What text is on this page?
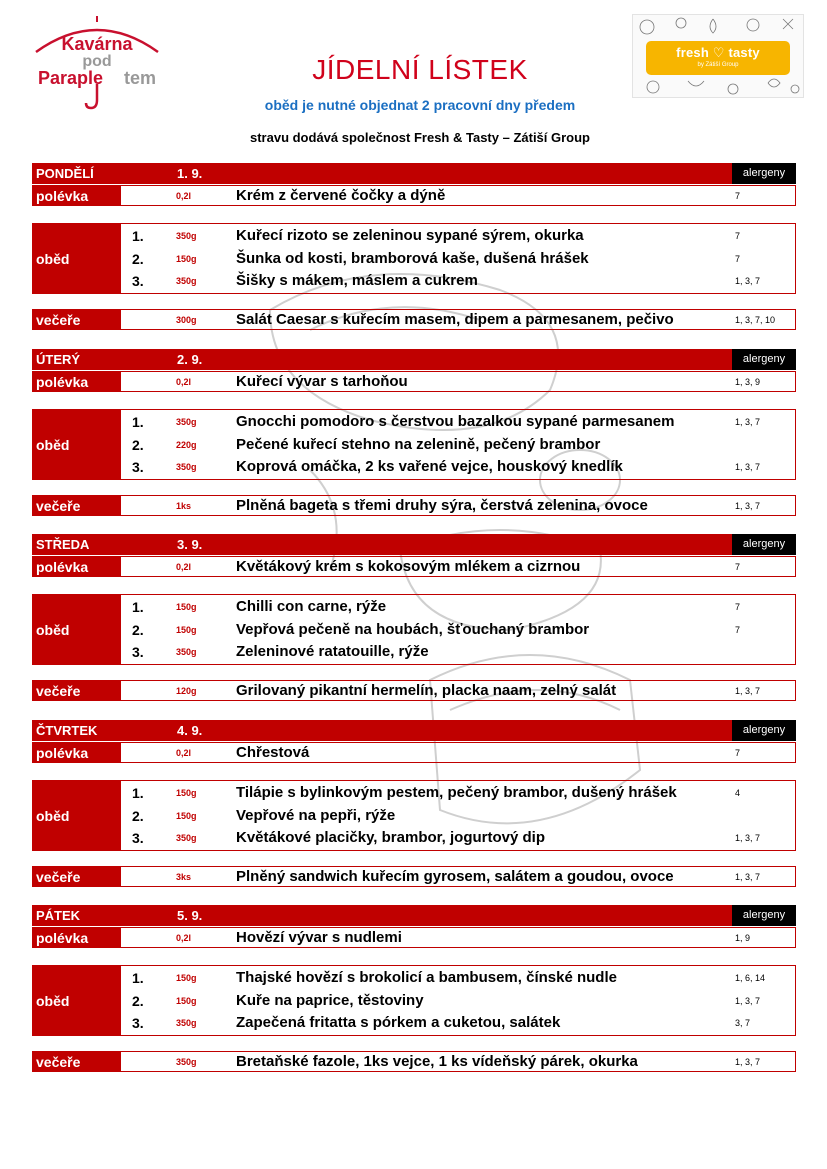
Kavárna
pod
Paraple tem
fresh ♡ tasty
by Zátiší Group
JÍDELNÍ LÍSTEK
oběd je nutné objednat 2 pracovní dny předem
stravu dodává společnost Fresh & Tasty – Zátiší Group
PONDĚLÍ	1. 9.	alergeny
polévka	0,2l	Krém z červené čočky a dýně	7
oběd
1.	350g	Kuřecí rizoto se zeleninou sypané sýrem, okurka	7
2.	150g	Šunka od kosti, bramborová kaše, dušená hrášek	7
3.	350g	Šišky s mákem, máslem a cukrem	1, 3, 7
večeře	300g	Salát Caesar s kuřecím masem, dipem a parmesanem, pečivo	1, 3, 7, 10
ÚTERÝ	2. 9.	alergeny
polévka	0,2l	Kuřecí vývar s tarhoňou	1, 3, 9
oběd
1.	350g	Gnocchi pomodoro s čerstvou bazalkou sypané parmesanem	1, 3, 7
2.	220g	Pečené kuřecí stehno na zelenině, pečený brambor
3.	350g	Koprová omáčka, 2 ks vařené vejce, houskový knedlík	1, 3, 7
večeře	1ks	Plněná bageta s třemi druhy sýra, čerstvá zelenina, ovoce	1, 3, 7
STŘEDA	3. 9.	alergeny
polévka	0,2l	Květákový krém s kokosovým mlékem a cizrnou	7
oběd
1.	150g	Chilli con carne, rýže	7
2.	150g	Vepřová pečeně na houbách, šťouchaný brambor	7
3.	350g	Zeleninové ratatouille, rýže
večeře	120g	Grilovaný pikantní hermelín, placka naam, zelný salát	1, 3, 7
ČTVRTEK	4. 9.	alergeny
polévka	0,2l	Chřestová	7
oběd
1.	150g	Tilápie s bylinkovým pestem, pečený brambor, dušený hrášek	4
2.	150g	Vepřové na pepři, rýže
3.	350g	Květákové placičky, brambor, jogurtový dip	1, 3, 7
večeře	3ks	Plněný sandwich kuřecím gyrosem, salátem a goudou, ovoce	1, 3, 7
PÁTEK	5. 9.	alergeny
polévka	0,2l	Hovězí vývar s nudlemi	1, 9
oběd
1.	150g	Thajské hovězí s brokolicí a bambusem, čínské nudle	1, 6, 14
2.	150g	Kuře na paprice, těstoviny	1, 3, 7
3.	350g	Zapečená fritatta s pórkem a cuketou, salátek	3, 7
večeře	350g	Bretaňské fazole, 1ks vejce, 1 ks vídeňský párek, okurka	1, 3, 7
